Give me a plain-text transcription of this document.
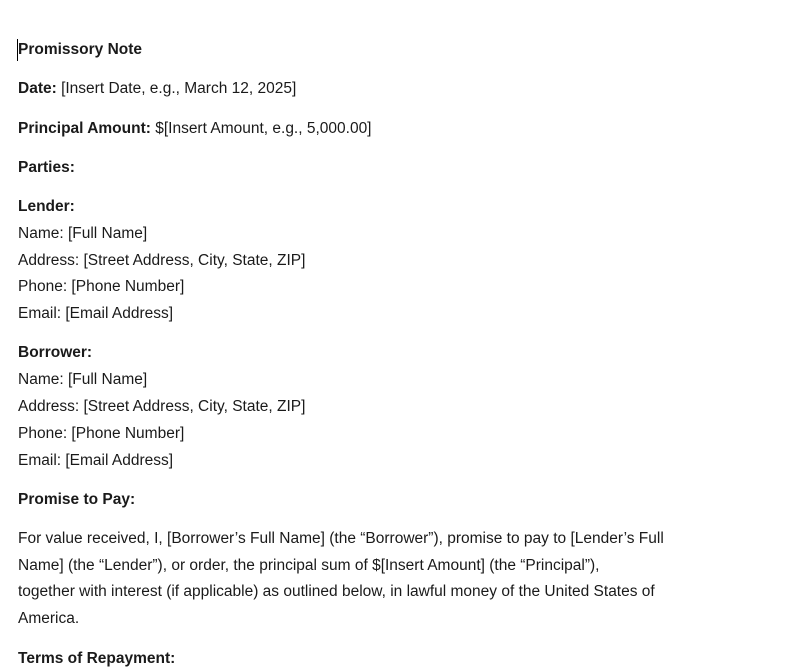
Promissory Note
Date: [Insert Date, e.g., March 12, 2025]
Principal Amount: $[Insert Amount, e.g., 5,000.00]
Parties:
Lender:
Name: [Full Name]
Address: [Street Address, City, State, ZIP]
Phone: [Phone Number]
Email: [Email Address]
Borrower:
Name: [Full Name]
Address: [Street Address, City, State, ZIP]
Phone: [Phone Number]
Email: [Email Address]
Promise to Pay:
For value received, I, [Borrower’s Full Name] (the “Borrower”), promise to pay to [Lender’s Full
Name] (the “Lender”), or order, the principal sum of $[Insert Amount] (the “Principal”),
together with interest (if applicable) as outlined below, in lawful money of the United States of
America.
Terms of Repayment:
